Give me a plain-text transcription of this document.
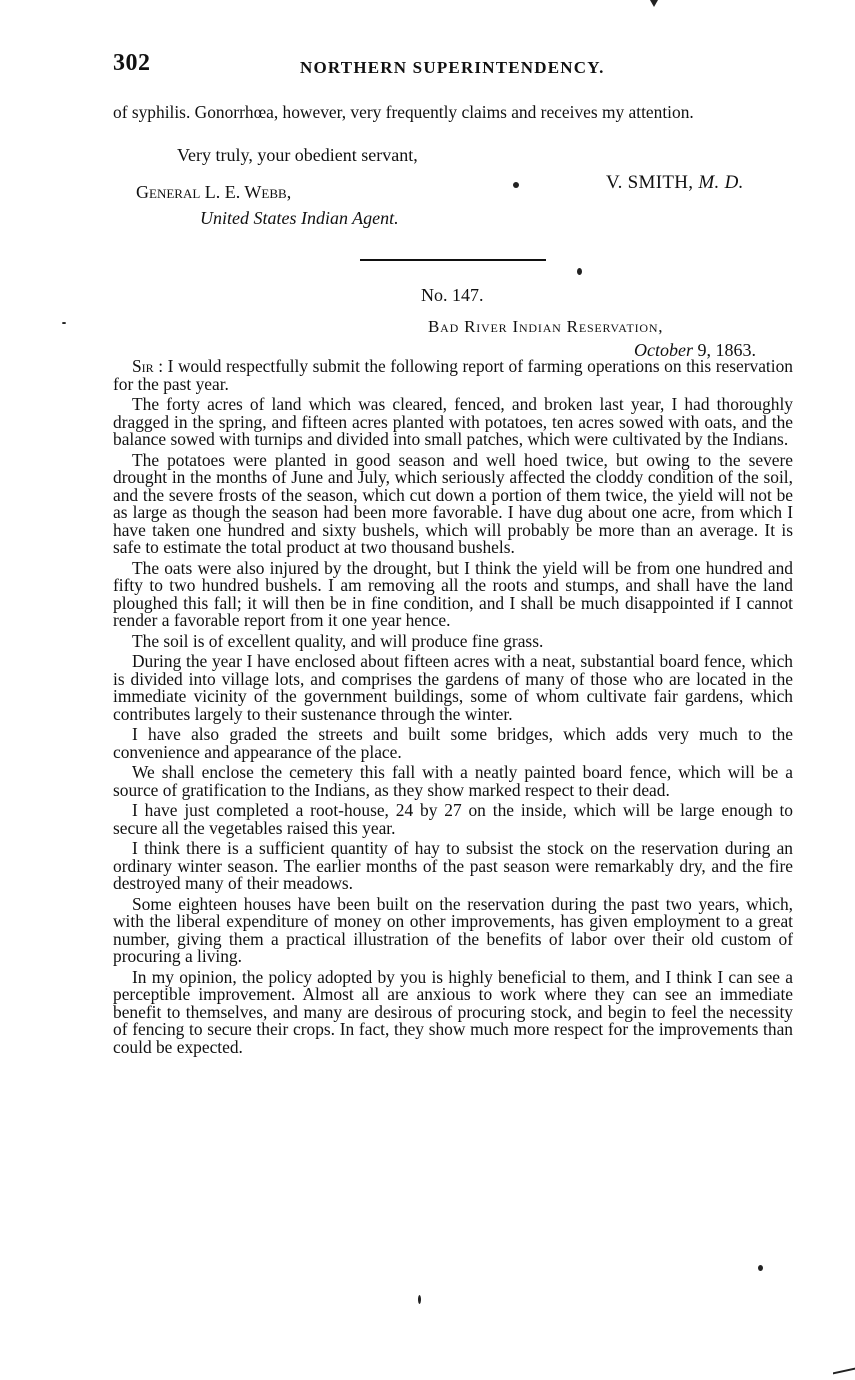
302	NORTHERN SUPERINTENDENCY.

of syphilis. Gonorrhœa, however, very frequently claims and receives my attention.

Very truly, your obedient servant,
V. SMITH, M. D.
General L. E. Webb,
United States Indian Agent.
No. 147.
Bad River Indian Reservation,
October 9, 1863.

Sir : I would respectfully submit the following report of farming operations on this reservation for the past year.

The forty acres of land which was cleared, fenced, and broken last year, I had thoroughly dragged in the spring, and fifteen acres planted with potatoes, ten acres sowed with oats, and the balance sowed with turnips and divided into small patches, which were cultivated by the Indians.

The potatoes were planted in good season and well hoed twice, but owing to the severe drought in the months of June and July, which seriously affected the cloddy condition of the soil, and the severe frosts of the season, which cut down a portion of them twice, the yield will not be as large as though the season had been more favorable. I have dug about one acre, from which I have taken one hundred and sixty bushels, which will probably be more than an average. It is safe to estimate the total product at two thousand bushels.

The oats were also injured by the drought, but I think the yield will be from one hundred and fifty to two hundred bushels. I am removing all the roots and stumps, and shall have the land ploughed this fall; it will then be in fine condition, and I shall be much disappointed if I cannot render a favorable report from it one year hence.

The soil is of excellent quality, and will produce fine grass.

During the year I have enclosed about fifteen acres with a neat, substantial board fence, which is divided into village lots, and comprises the gardens of many of those who are located in the immediate vicinity of the government buildings, some of whom cultivate fair gardens, which contributes largely to their sustenance through the winter.

I have also graded the streets and built some bridges, which adds very much to the convenience and appearance of the place.

We shall enclose the cemetery this fall with a neatly painted board fence, which will be a source of gratification to the Indians, as they show marked respect to their dead.

I have just completed a root-house, 24 by 27 on the inside, which will be large enough to secure all the vegetables raised this year.

I think there is a sufficient quantity of hay to subsist the stock on the reservation during an ordinary winter season. The earlier months of the past season were remarkably dry, and the fire destroyed many of their meadows.

Some eighteen houses have been built on the reservation during the past two years, which, with the liberal expenditure of money on other improvements, has given employment to a great number, giving them a practical illustration of the benefits of labor over their old custom of procuring a living.

In my opinion, the policy adopted by you is highly beneficial to them, and I think I can see a perceptible improvement. Almost all are anxious to work where they can see an immediate benefit to themselves, and many are desirous of procuring stock, and begin to feel the necessity of fencing to secure their crops. In fact, they show much more respect for the improvements than could be expected.
